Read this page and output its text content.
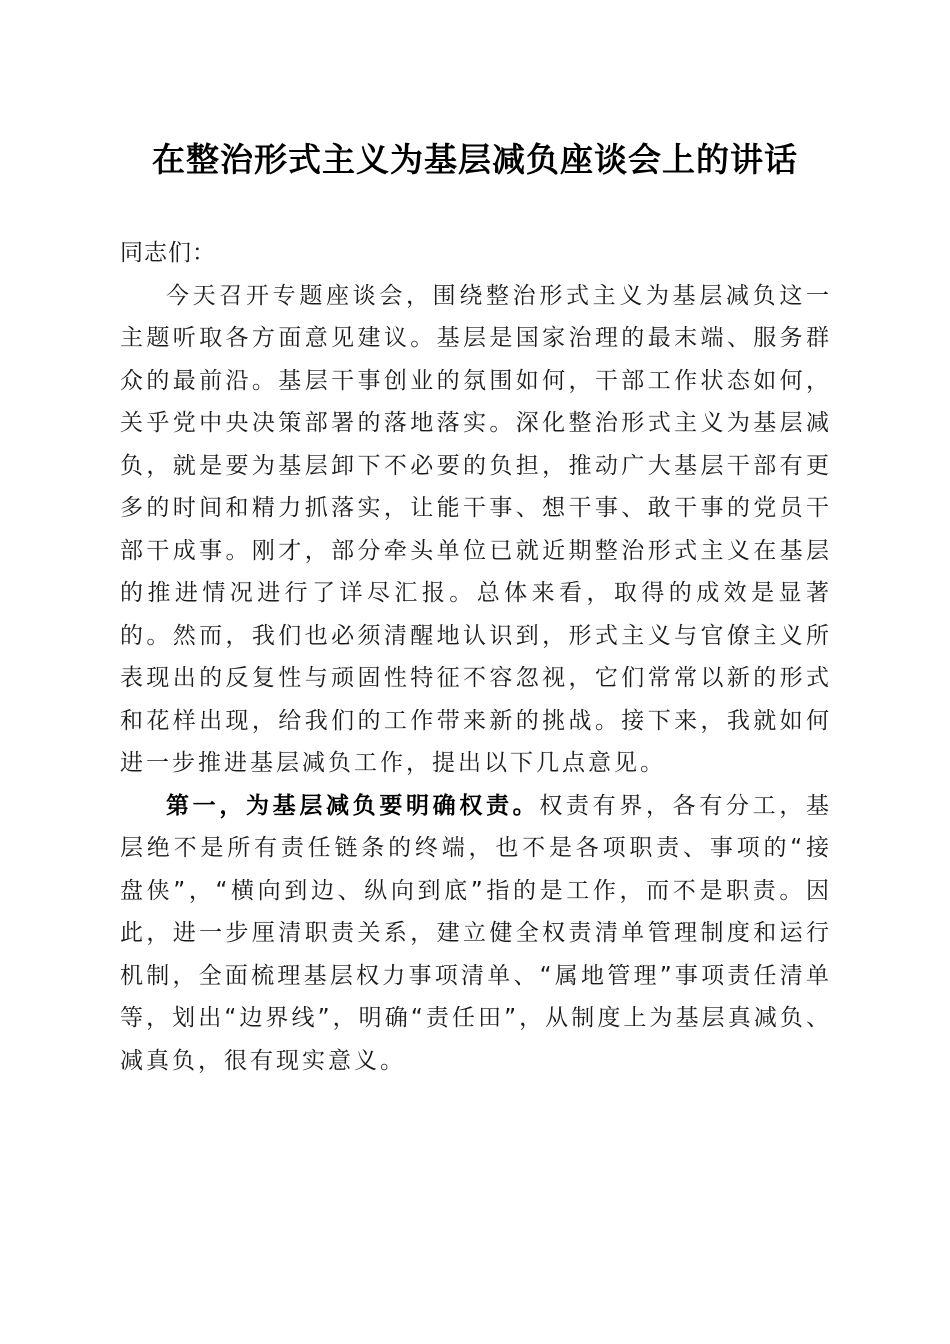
在整治形式主义为基层减负座谈会上的讲话

同志们：

今天召开专题座谈会，围绕整治形式主义为基层减负这一主题听取各方面意见建议。基层是国家治理的最末端、服务群众的最前沿。基层干事创业的氛围如何，干部工作状态如何，关乎党中央决策部署的落地落实。深化整治形式主义为基层减负，就是要为基层卸下不必要的负担，推动广大基层干部有更多的时间和精力抓落实，让能干事、想干事、敢干事的党员干部干成事。刚才，部分牵头单位已就近期整治形式主义在基层的推进情况进行了详尽汇报。总体来看，取得的成效是显著的。然而，我们也必须清醒地认识到，形式主义与官僚主义所表现出的反复性与顽固性特征不容忽视，它们常常以新的形式和花样出现，给我们的工作带来新的挑战。接下来，我就如何进一步推进基层减负工作，提出以下几点意见。

第一，为基层减负要明确权责。权责有界，各有分工，基层绝不是所有责任链条的终端，也不是各项职责、事项的“接盘侠”，“横向到边、纵向到底”指的是工作，而不是职责。因此，进一步厘清职责关系，建立健全权责清单管理制度和运行机制，全面梳理基层权力事项清单、“属地管理”事项责任清单等，划出“边界线”，明确“责任田”，从制度上为基层真减负、减真负，很有现实意义。
